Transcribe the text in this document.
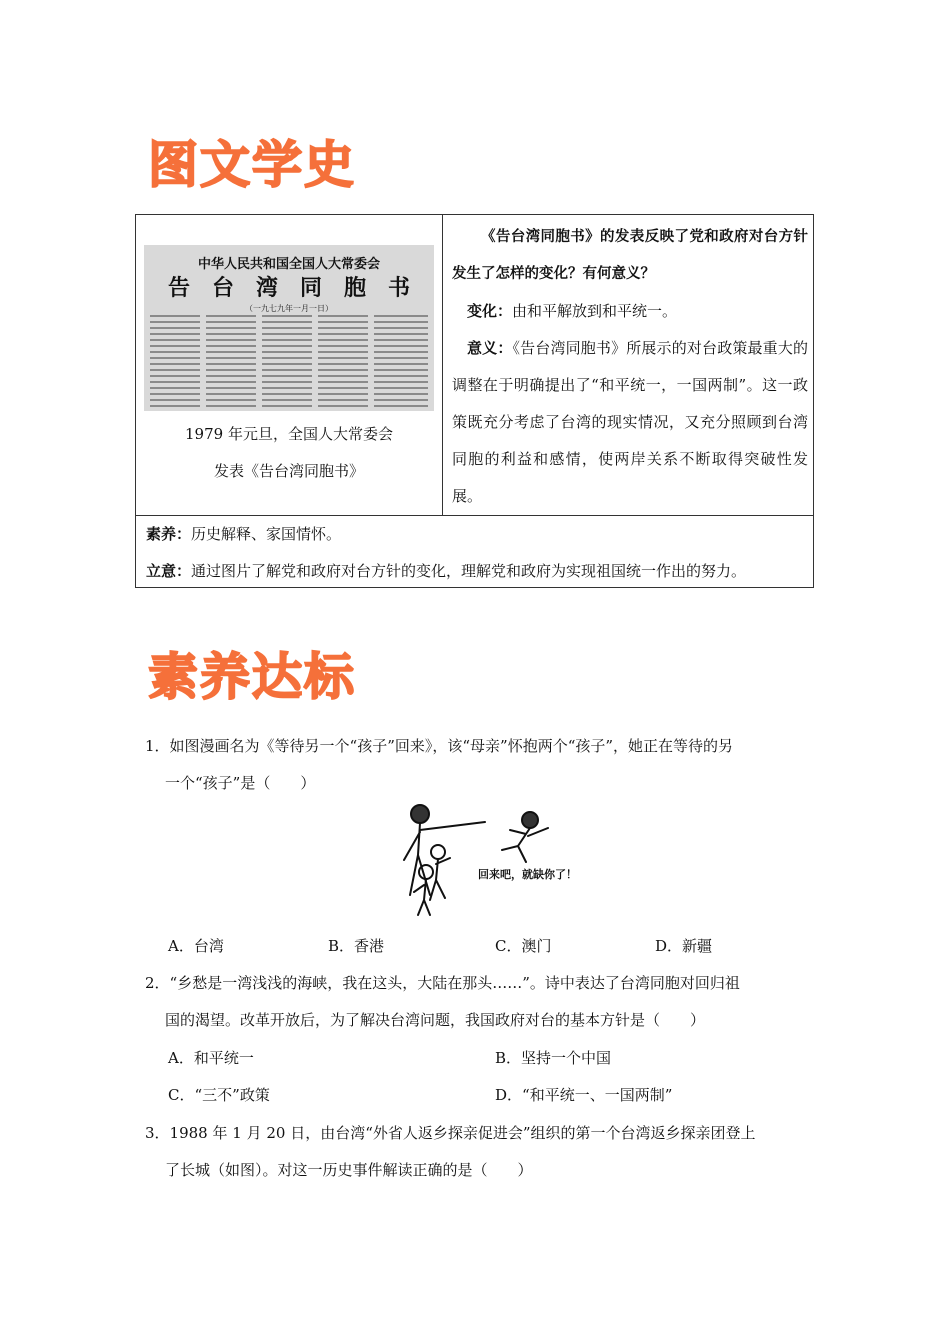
图文学史
中华人民共和国全国人大常委会
告台湾同胞书
（一九七九年一月一日）
1979 年元旦，全国人大常委会
发表《告台湾同胞书》
《告台湾同胞书》的发表反映了党和政府对台方针发生了怎样的变化？有何意义？
变化：由和平解放到和平统一。
意义：《告台湾同胞书》所展示的对台政策最重大的调整在于明确提出了“和平统一，一国两制”。这一政策既充分考虑了台湾的现实情况，又充分照顾到台湾同胞的利益和感情，使两岸关系不断取得突破性发展。
素养：历史解释、家国情怀。
立意：通过图片了解党和政府对台方针的变化，理解党和政府为实现祖国统一作出的努力。
素养达标
1．如图漫画名为《等待另一个“孩子”回来》，该“母亲”怀抱两个“孩子”，她正在等待的另
一个“孩子”是（　　）
回来吧，就缺你了！
A．台湾	B．香港	C．澳门	D．新疆
2．“乡愁是一湾浅浅的海峡，我在这头，大陆在那头……”。诗中表达了台湾同胞对回归祖
国的渴望。改革开放后，为了解决台湾问题，我国政府对台的基本方针是（　　）
A．和平统一	B．坚持一个中国
C．“三不”政策	D．“和平统一、一国两制”
3．1988 年 1 月 20 日，由台湾“外省人返乡探亲促进会”组织的第一个台湾返乡探亲团登上
了长城（如图）。对这一历史事件解读正确的是（　　）
